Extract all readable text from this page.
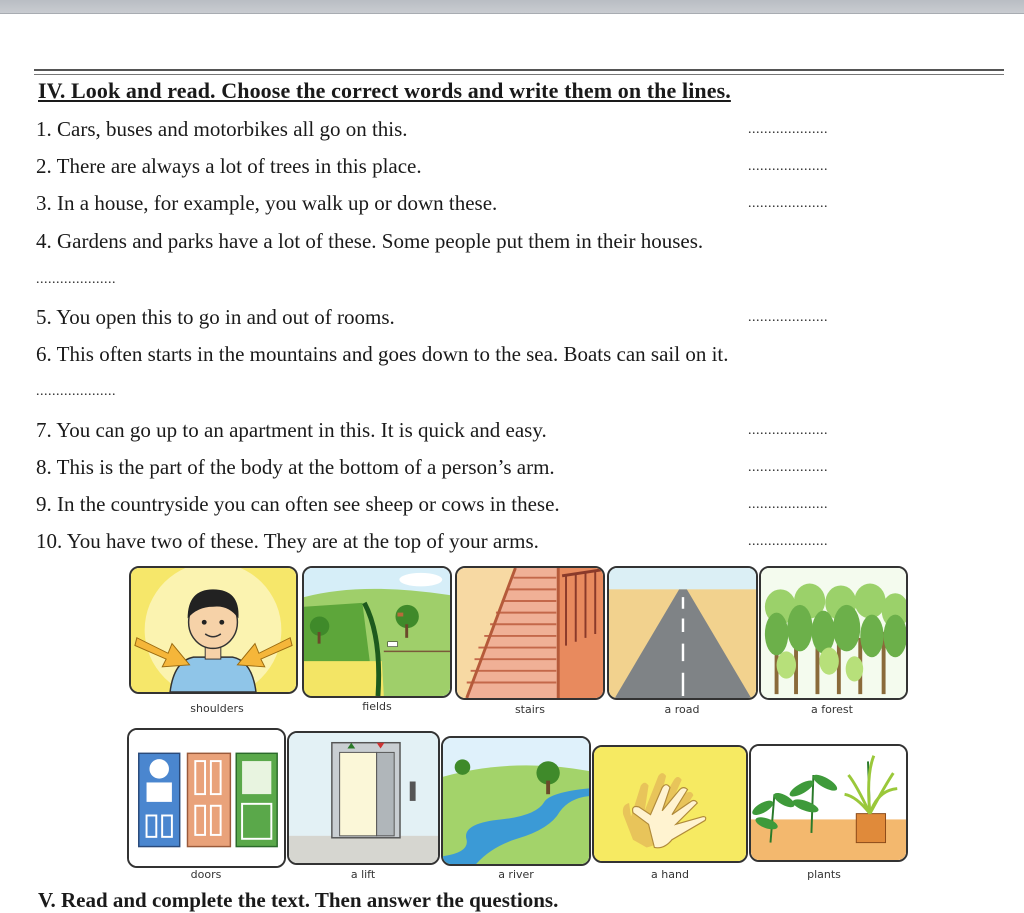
IV. Look and read. Choose the correct words and write them on the lines.
1. Cars, buses and motorbikes all go on this.	....................
2. There are always a lot of trees in this place.	....................
3. In a house, for example, you walk up or down these.	....................
4. Gardens and parks have a lot of these. Some people put them in their houses.
....................
5. You open this to go in and out of rooms.	....................
6. This often starts in the mountains and goes down to the sea. Boats can sail on it.
....................
7. You can go up to an apartment in this. It is quick and easy.	....................
8. This is the part of the body at the bottom of a person’s arm.	....................
9. In the countryside you can often see sheep or cows in these.	....................
10. You have two of these. They are at the top of your arms.	....................
shoulders	fields	stairs	a road	a forest
doors	a lift	a river	a hand	plants
V. Read and complete the text. Then answer the questions.
